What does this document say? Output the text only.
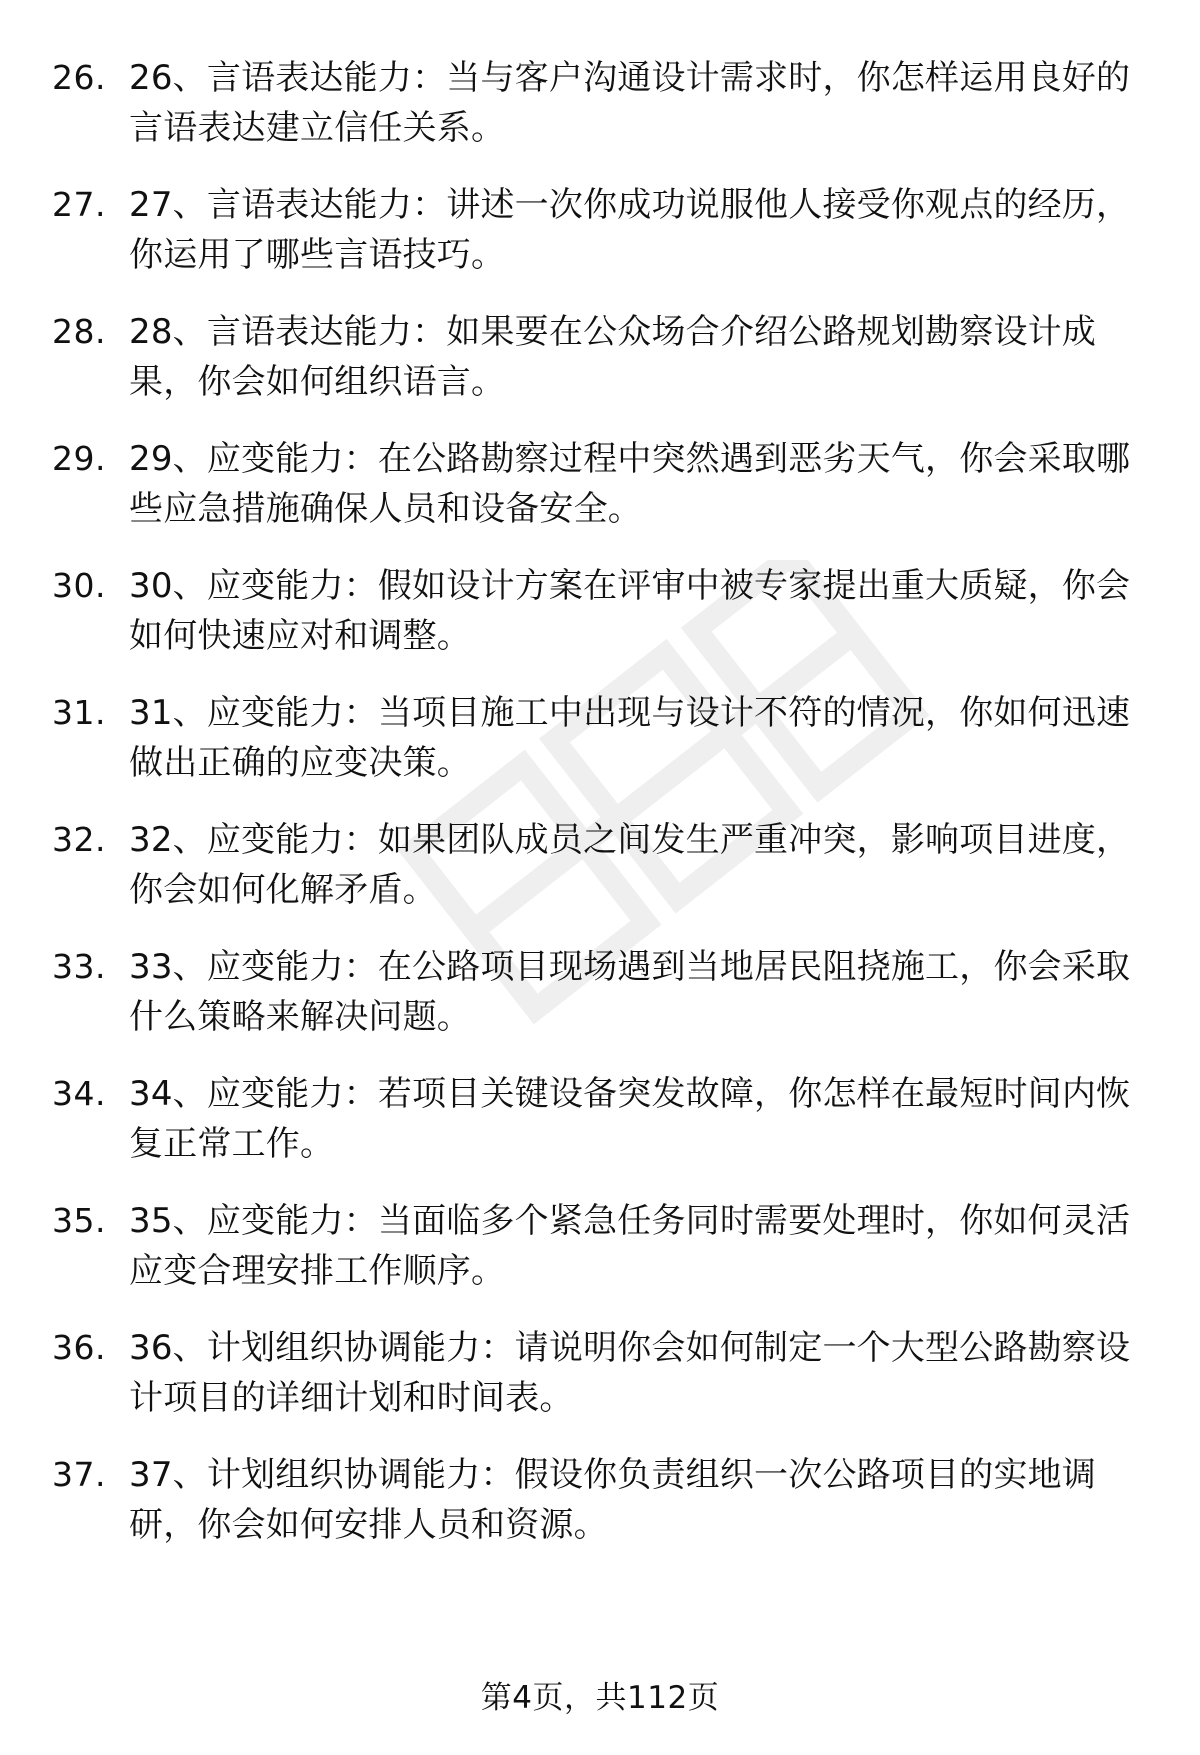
26. 26、言语表达能力：当与客户沟通设计需求时，你怎样运用良好的言语表达建立信任关系。
27. 27、言语表达能力：讲述一次你成功说服他人接受你观点的经历，你运用了哪些言语技巧。
28. 28、言语表达能力：如果要在公众场合介绍公路规划勘察设计成果，你会如何组织语言。
29. 29、应变能力：在公路勘察过程中突然遇到恶劣天气，你会采取哪些应急措施确保人员和设备安全。
30. 30、应变能力：假如设计方案在评审中被专家提出重大质疑，你会如何快速应对和调整。
31. 31、应变能力：当项目施工中出现与设计不符的情况，你如何迅速做出正确的应变决策。
32. 32、应变能力：如果团队成员之间发生严重冲突，影响项目进度，你会如何化解矛盾。
33. 33、应变能力：在公路项目现场遇到当地居民阻挠施工，你会采取什么策略来解决问题。
34. 34、应变能力：若项目关键设备突发故障，你怎样在最短时间内恢复正常工作。
35. 35、应变能力：当面临多个紧急任务同时需要处理时，你如何灵活应变合理安排工作顺序。
36. 36、计划组织协调能力：请说明你会如何制定一个大型公路勘察设计项目的详细计划和时间表。
37. 37、计划组织协调能力：假设你负责组织一次公路项目的实地调研，你会如何安排人员和资源。
第4页，共112页
